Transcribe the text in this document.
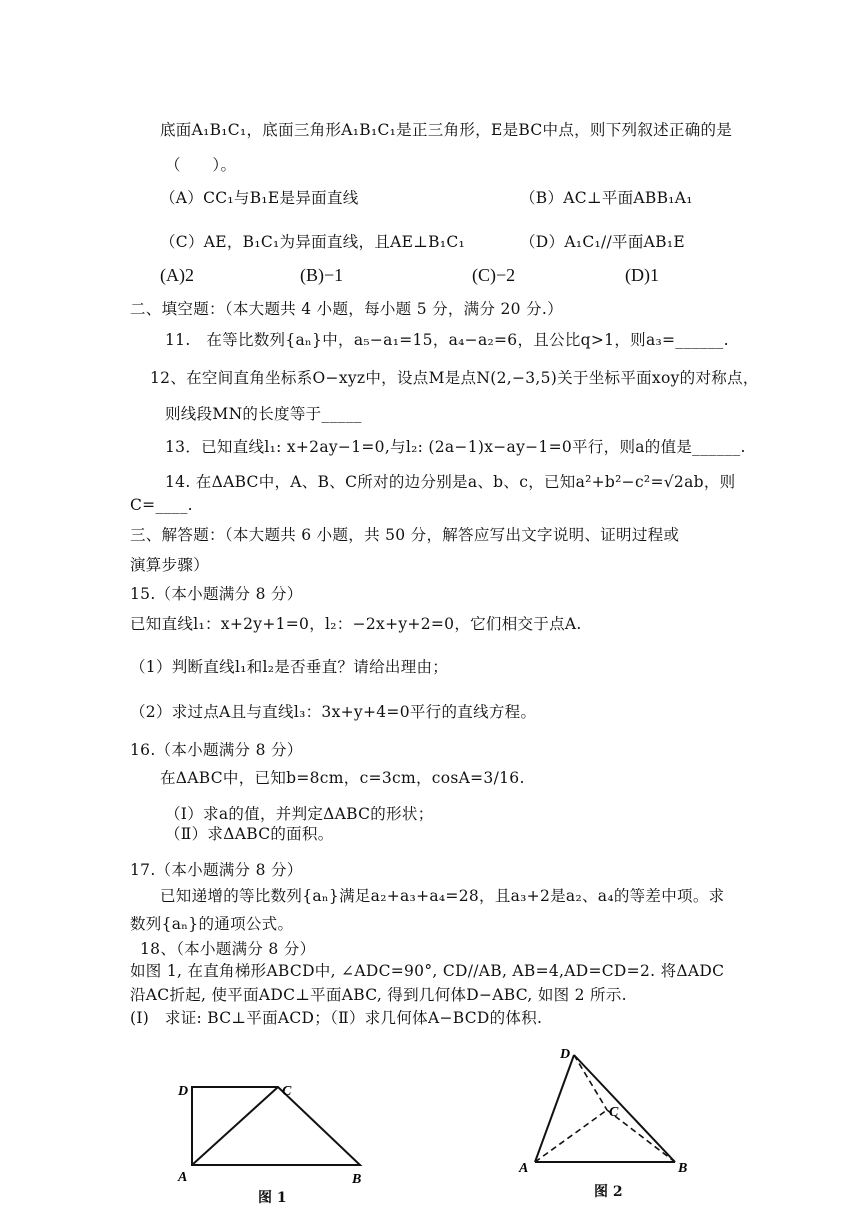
底面A₁B₁C₁，底面三角形A₁B₁C₁是正三角形，E是BC中点，则下列叙述正确的是
（　　）。
（A）CC₁与B₁E是异面直线	（B）AC⊥平面ABB₁A₁
（C）AE，B₁C₁为异面直线，且AE⊥B₁C₁	（D）A₁C₁//平面AB₁E
(A)2	(B)−1	(C)−2	(D)1
二、填空题：（本大题共 4 小题，每小题 5 分，满分 20 分.）
11.　在等比数列{aₙ}中，a₅−a₁=15，a₄−a₂=6，且公比q>1，则a₃=______.
12、在空间直角坐标系O−xyz中，设点M是点N(2,−3,5)关于坐标平面xoy的对称点，
则线段MN的长度等于_____
13．已知直线l₁: x+2ay−1=0,与l₂: (2a−1)x−ay−1=0平行，则a的值是______.
14. 在ΔABC中，A、B、C所对的边分别是a、b、c，已知a²+b²−c²=√2ab，则
C=____.
三、解答题：（本大题共 6 小题，共 50 分，解答应写出文字说明、证明过程或
演算步骤）
15.（本小题满分 8 分）
已知直线l₁：x+2y+1=0，l₂：−2x+y+2=0，它们相交于点A.
（1）判断直线l₁和l₂是否垂直？请给出理由；
（2）求过点A且与直线l₃：3x+y+4=0平行的直线方程。
16.（本小题满分 8 分）
在ΔABC中，已知b=8cm，c=3cm，cosA=3/16.
（Ⅰ）求a的值，并判定ΔABC的形状；
（Ⅱ）求ΔABC的面积。
17.（本小题满分 8 分）
已知递增的等比数列{aₙ}满足a₂+a₃+a₄=28，且a₃+2是a₂、a₄的等差中项。求
数列{aₙ}的通项公式。
18、（本小题满分 8 分）
如图 1, 在直角梯形ABCD中, ∠ADC=90°, CD//AB, AB=4,AD=CD=2. 将ΔADC
沿AC折起, 使平面ADC⊥平面ABC, 得到几何体D−ABC, 如图 2 所示.
(Ⅰ)　求证: BC⊥平面ACD；（Ⅱ）求几何体A−BCD的体积.
D	C
A	B
图 1
D
C
A	B
图 2
